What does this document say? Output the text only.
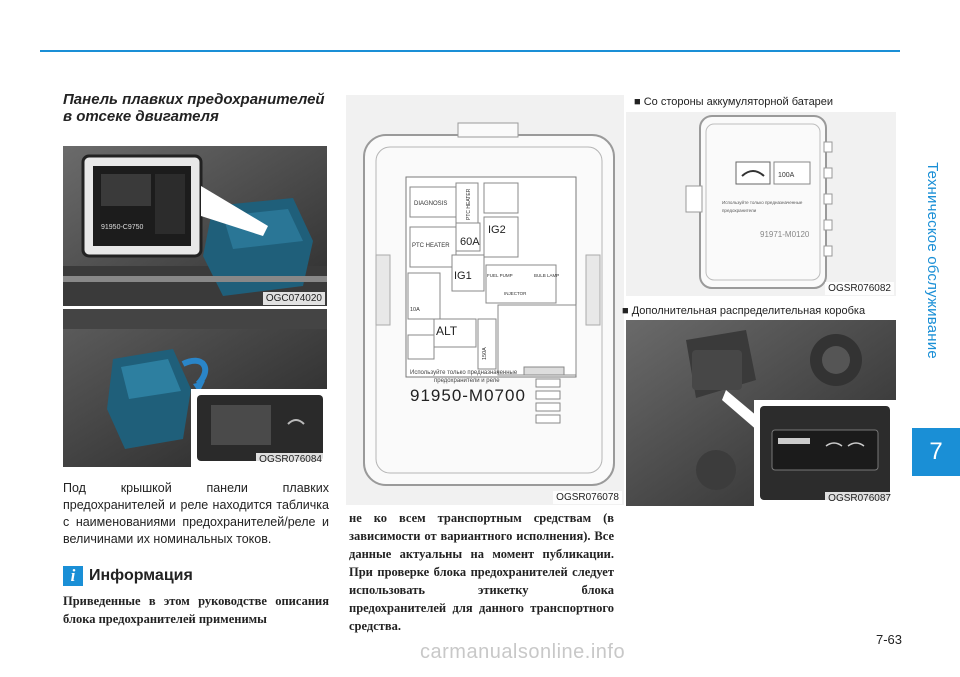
Техническое обслуживание
7
Панель плавких предохранителей в отсеке двигателя
91950-C9750
OGC074020
OGSR076084
Под крышкой панели плавких предохранителей и реле находится табличка с наименованиями предохранителей/реле и величинами их номинальных токов.
i Информация
Приведенные в этом руководстве описания блока предохранителей применимы
DIAGNOSIS
PTC HEATER
PTC HEATER
60A
IG1
IG2
FUEL PUMP
INJECTOR
BULB LAMP
ALT
150A
10A
Используйте только предназначенные
предохранители и реле
91950-M0700
OGSR076078
не ко всем транспортным средствам (в зависимости от вариантного исполнения). Все данные актуальны на момент публикации. При проверке блока предохранителей следует использовать этикетку блока предохранителей для данного транспортного средства.
■ Со стороны аккумуляторной батареи
100A
Используйте только предназначенные
предохранители
91971-M0120
OGSR076082
■ Дополнительная распределительная коробка
OGSR076087
7-63
carmanualsonline.info
